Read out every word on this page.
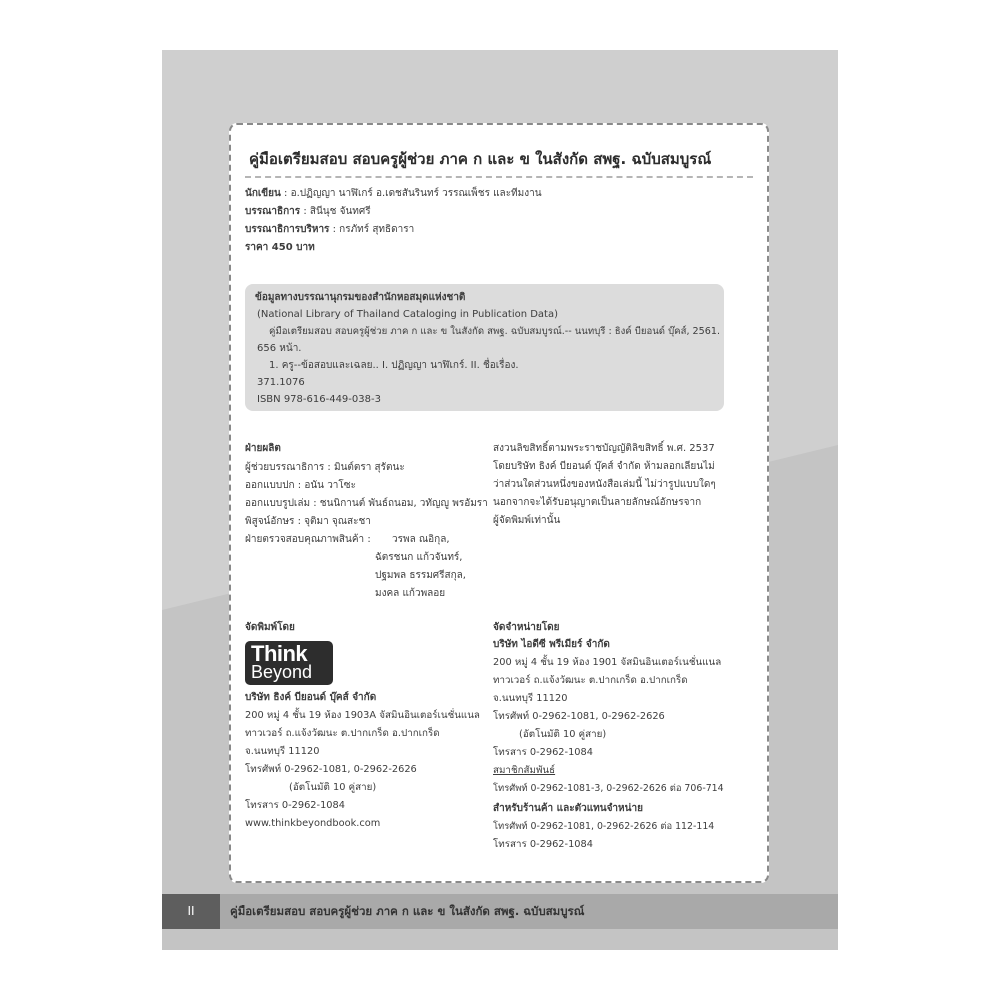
คู่มือเตรียมสอบ สอบครูผู้ช่วย ภาค ก และ ข ในสังกัด สพฐ. ฉบับสมบูรณ์
นักเขียน : อ.ปฏิญญา นาฬิเกร์ อ.เดชสันรินทร์ วรรณเพ็ชร และทีมงาน
บรรณาธิการ : สินีนุช จันทศรี
บรรณาธิการบริหาร : กรภัทร์ สุทธิดารา
ราคา 450 บาท
ข้อมูลทางบรรณานุกรมของสำนักหอสมุดแห่งชาติ
(National Library of Thailand Cataloging in Publication Data)
คู่มือเตรียมสอบ สอบครูผู้ช่วย ภาค ก และ ข ในสังกัด สพฐ. ฉบับสมบูรณ์.-- นนทบุรี : ธิงค์ บียอนด์ บุ๊คส์, 2561.
656 หน้า.
1. ครู--ข้อสอบและเฉลย.. I. ปฏิญญา นาฬิเกร์. II. ชื่อเรื่อง.
371.1076
ISBN 978-616-449-038-3
ฝ่ายผลิต
ผู้ช่วยบรรณาธิการ : มินต์ตรา สุรัตนะ
ออกแบบปก : อนัน วาโซะ
ออกแบบรูปเล่ม : ชนนิกานต์ พันธ์ถนอม, วทัญญู พรอัมรา
พิสูจน์อักษร : จุติมา จุณสะชา
ฝ่ายตรวจสอบคุณภาพสินค้า : วรพล ณอิกุล,
ฉัตรชนก แก้วจันทร์,
ปฐมพล ธรรมศรีสกุล,
มงคล แก้วพลอย
สงวนลิขสิทธิ์ตามพระราชบัญญัติลิขสิทธิ์ พ.ศ. 2537
โดยบริษัท ธิงค์ บียอนด์ บุ๊คส์ จำกัด ห้ามลอกเลียนไม่
ว่าส่วนใดส่วนหนึ่งของหนังสือเล่มนี้ ไม่ว่ารูปแบบใดๆ
นอกจากจะได้รับอนุญาตเป็นลายลักษณ์อักษรจาก
ผู้จัดพิมพ์เท่านั้น
จัดพิมพ์โดย
Think
Beyond
บริษัท ธิงค์ บียอนด์ บุ๊คส์ จำกัด
200 หมู่ 4 ชั้น 19 ห้อง 1903A จัสมินอินเตอร์เนชั่นแนล
ทาวเวอร์ ถ.แจ้งวัฒนะ ต.ปากเกร็ด อ.ปากเกร็ด
จ.นนทบุรี 11120
โทรศัพท์ 0-2962-1081, 0-2962-2626
(อัตโนมัติ 10 คู่สาย)
โทรสาร 0-2962-1084
www.thinkbeyondbook.com
จัดจำหน่ายโดย
บริษัท ไอดีซี พรีเมียร์ จำกัด
200 หมู่ 4 ชั้น 19 ห้อง 1901 จัสมินอินเตอร์เนชั่นแนล
ทาวเวอร์ ถ.แจ้งวัฒนะ ต.ปากเกร็ด อ.ปากเกร็ด
จ.นนทบุรี 11120
โทรศัพท์ 0-2962-1081, 0-2962-2626
(อัตโนมัติ 10 คู่สาย)
โทรสาร 0-2962-1084
สมาชิกสัมพันธ์
โทรศัพท์ 0-2962-1081-3, 0-2962-2626 ต่อ 706-714
สำหรับร้านค้า และตัวแทนจำหน่าย
โทรศัพท์ 0-2962-1081, 0-2962-2626 ต่อ 112-114
โทรสาร 0-2962-1084
II	คู่มือเตรียมสอบ สอบครูผู้ช่วย ภาค ก และ ข ในสังกัด สพฐ. ฉบับสมบูรณ์
